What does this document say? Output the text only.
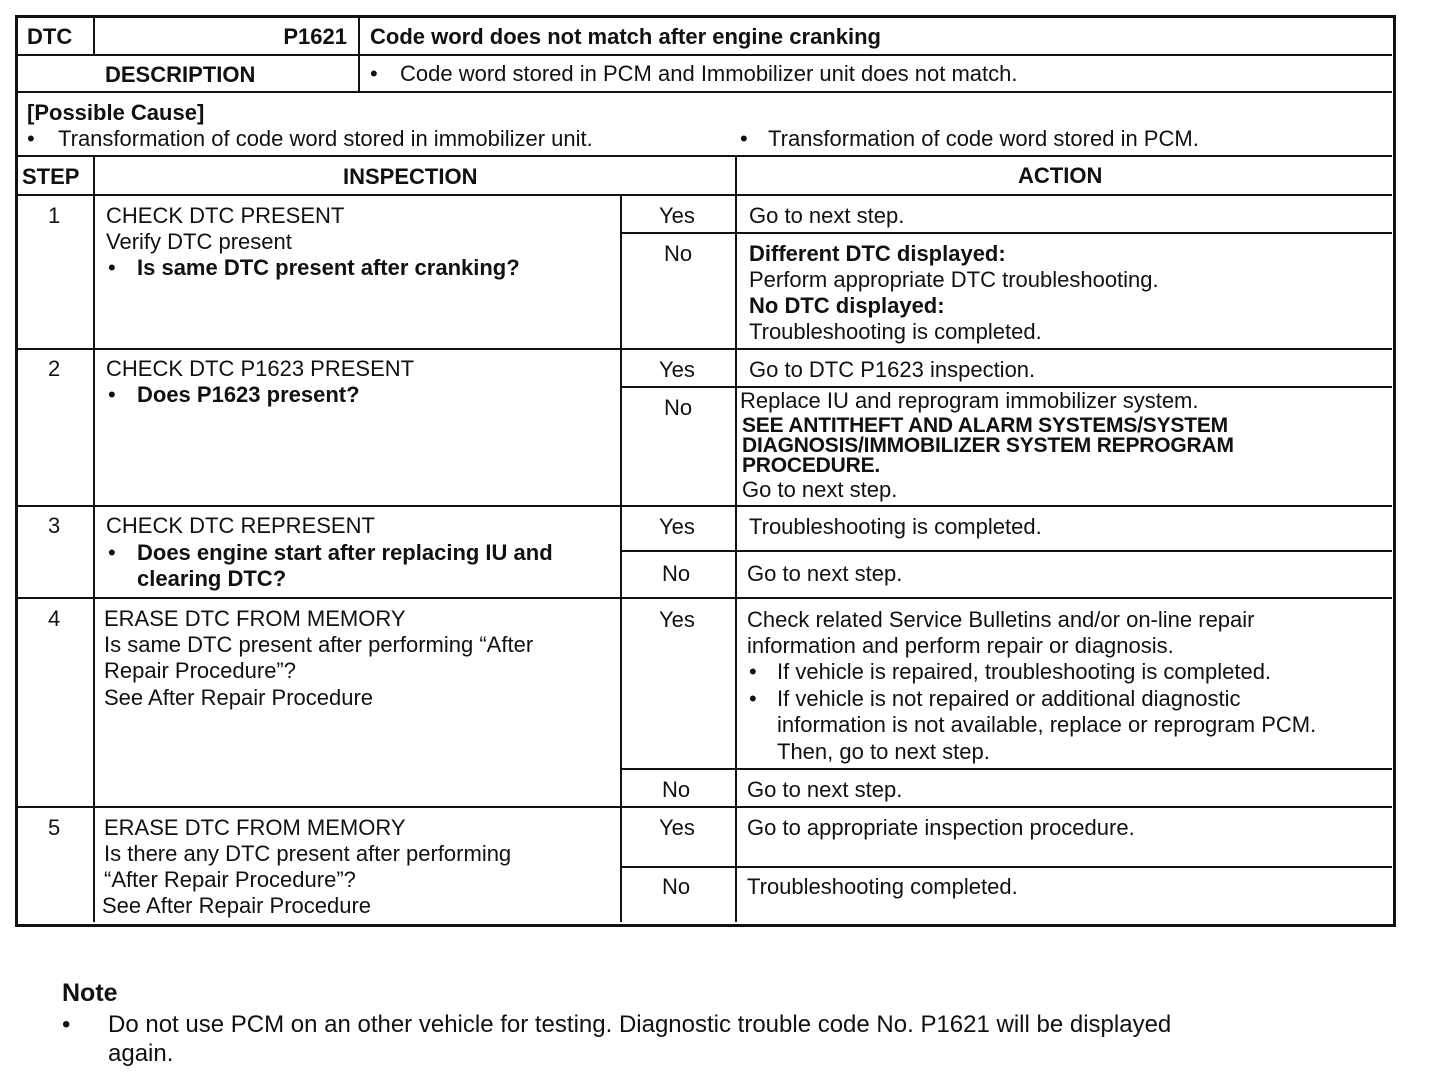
DTC	P1621 Code word does not match after engine cranking
DESCRIPTION	• Code word stored in PCM and Immobilizer unit does not match.
[Possible Cause]
• Transformation of code word stored in immobilizer unit.	• Transformation of code word stored in PCM.
STEP	INSPECTION	ACTION
1 CHECK DTC PRESENT
Verify DTC present
• Is same DTC present after cranking?
Yes Go to next step.
No	Different DTC displayed:
Perform appropriate DTC troubleshooting.
No DTC displayed:
Troubleshooting is completed.
2 CHECK DTC P1623 PRESENT
• Does P1623 present?
Yes Go to DTC P1623 inspection.
No Replace IU and reprogram immobilizer system.
SEE ANTITHEFT AND ALARM SYSTEMS/SYSTEM
DIAGNOSIS/IMMOBILIZER SYSTEM REPROGRAM
PROCEDURE.
Go to next step.
3 CHECK DTC REPRESENT
• Does engine start after replacing IU and
clearing DTC?
Yes Troubleshooting is completed.
No	Go to next step.
4 ERASE DTC FROM MEMORY
Is same DTC present after performing “After
Repair Procedure”?
See After Repair Procedure
Yes Check related Service Bulletins and/or on-line repair
information and perform repair or diagnosis.
• If vehicle is repaired, troubleshooting is completed.
• If vehicle is not repaired or additional diagnostic
information is not available, replace or reprogram PCM.
Then, go to next step.
No	Go to next step.
5 ERASE DTC FROM MEMORY
Is there any DTC present after performing
“After Repair Procedure”?
See After Repair Procedure
Yes Go to appropriate inspection procedure.
No	Troubleshooting completed.
Note
• Do not use PCM on an other vehicle for testing. Diagnostic trouble code No. P1621 will be displayed
again.
